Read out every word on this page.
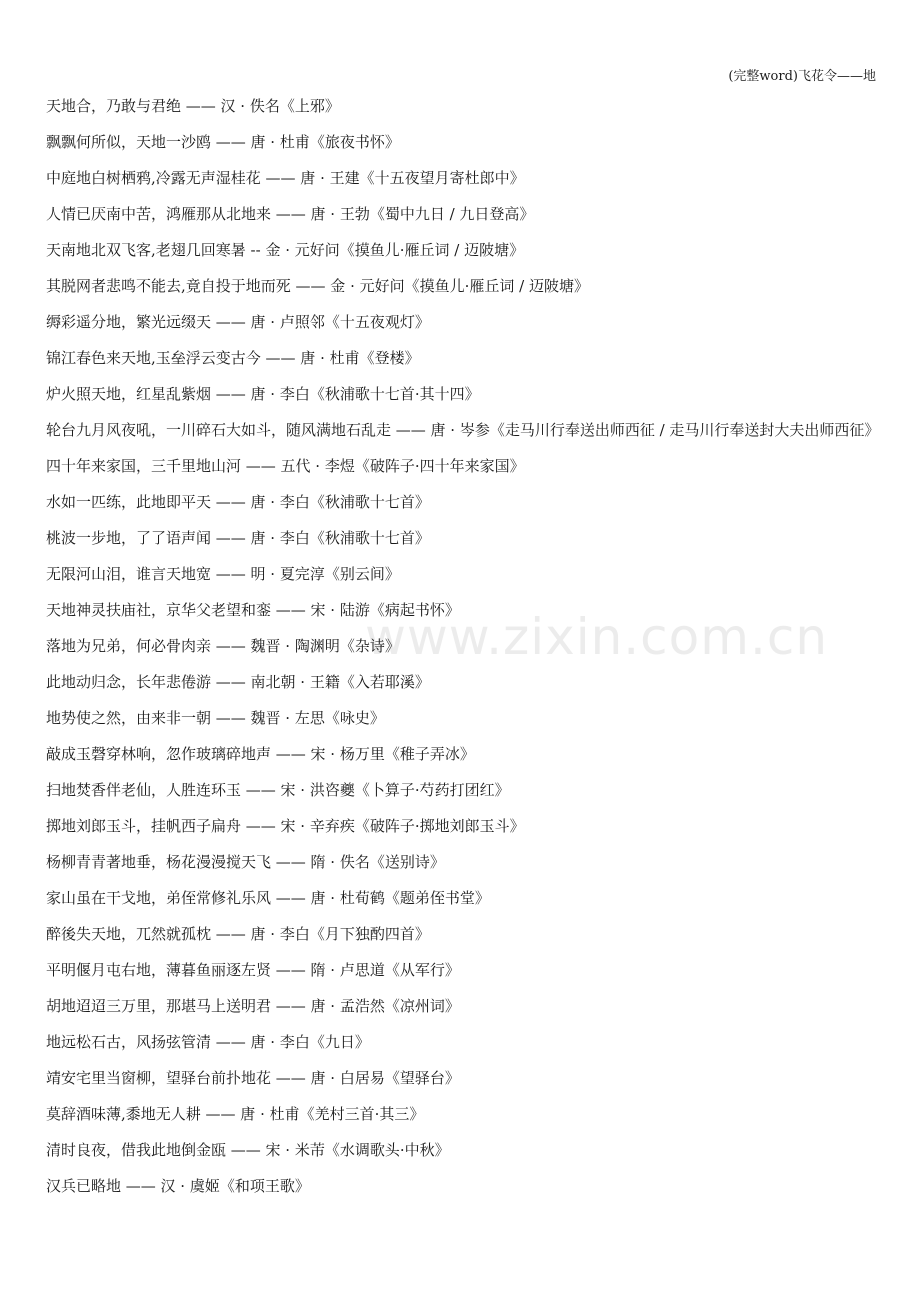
(完整word)飞花令——地
www.zixin.com.cn
天地合，乃敢与君绝 —— 汉 · 佚名《上邪》
飘飘何所似，天地一沙鸥 —— 唐 · 杜甫《旅夜书怀》
中庭地白树栖鸦,冷露无声湿桂花 —— 唐 · 王建《十五夜望月寄杜郎中》
人情已厌南中苦，鸿雁那从北地来 —— 唐 · 王勃《蜀中九日 / 九日登高》
天南地北双飞客,老翅几回寒暑 -- 金 · 元好问《摸鱼儿·雁丘词 / 迈陂塘》
其脱网者悲鸣不能去,竟自投于地而死 —— 金 · 元好问《摸鱼儿·雁丘词 / 迈陂塘》
缛彩遥分地，繁光远缀天 —— 唐 · 卢照邻《十五夜观灯》
锦江春色来天地,玉垒浮云变古今 —— 唐 · 杜甫《登楼》
炉火照天地，红星乱紫烟 —— 唐 · 李白《秋浦歌十七首·其十四》
轮台九月风夜吼，一川碎石大如斗，随风满地石乱走 —— 唐 · 岑参《走马川行奉送出师西征 / 走马川行奉送封大夫出师西征》
四十年来家国，三千里地山河 —— 五代 · 李煜《破阵子·四十年来家国》
水如一匹练，此地即平天 —— 唐 · 李白《秋浦歌十七首》
桃波一步地，了了语声闻 —— 唐 · 李白《秋浦歌十七首》
无限河山泪，谁言天地宽 —— 明 · 夏完淳《别云间》
天地神灵扶庙社，京华父老望和銮 —— 宋 · 陆游《病起书怀》
落地为兄弟，何必骨肉亲 —— 魏晋 · 陶渊明《杂诗》
此地动归念，长年悲倦游 —— 南北朝 · 王籍《入若耶溪》
地势使之然，由来非一朝 —— 魏晋 · 左思《咏史》
敲成玉磬穿林响，忽作玻璃碎地声 —— 宋 · 杨万里《稚子弄冰》
扫地焚香伴老仙，人胜连环玉 —— 宋 · 洪咨夔《卜算子·芍药打团红》
掷地刘郎玉斗，挂帆西子扁舟 —— 宋 · 辛弃疾《破阵子·掷地刘郎玉斗》
杨柳青青著地垂，杨花漫漫搅天飞 —— 隋 · 佚名《送别诗》
家山虽在干戈地，弟侄常修礼乐风 —— 唐 · 杜荀鹤《题弟侄书堂》
醉後失天地，兀然就孤枕 —— 唐 · 李白《月下独酌四首》
平明偃月屯右地，薄暮鱼丽逐左贤 —— 隋 · 卢思道《从军行》
胡地迢迢三万里，那堪马上送明君 —— 唐 · 孟浩然《凉州词》
地远松石古，风扬弦管清 —— 唐 · 李白《九日》
靖安宅里当窗柳，望驿台前扑地花 —— 唐 · 白居易《望驿台》
莫辞酒味薄,黍地无人耕 —— 唐 · 杜甫《羌村三首·其三》
清时良夜，借我此地倒金瓯 —— 宋 · 米芾《水调歌头·中秋》
汉兵已略地 —— 汉 · 虞姬《和项王歌》
